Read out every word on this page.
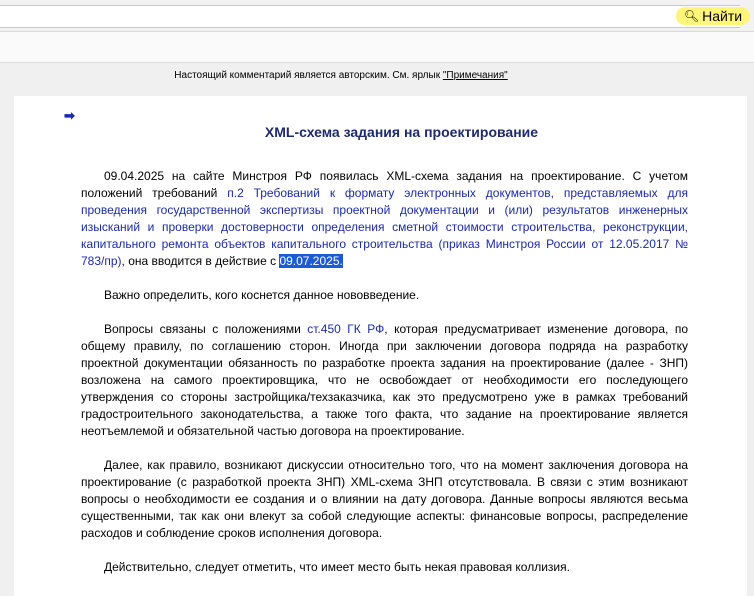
🔍︎ Найти
Настоящий комментарий является авторским. См. ярлык "Примечания"
➡︎
XML-схема задания на проектирование

09.04.2025 на сайте Минстроя РФ появилась XML-схема задания на проектирование. С учетом положений требований п.2 Требований к формату электронных документов, представляемых для проведения государственной экспертизы проектной документации и (или) результатов инженерных изысканий и проверки достоверности определения сметной стоимости строительства, реконструкции, капитального ремонта объектов капитального строительства (приказ Минстроя России от 12.05.2017 № 783/пр), она вводится в действие с 09.07.2025.

Важно определить, кого коснется данное нововведение.

Вопросы связаны с положениями ст.450 ГК РФ, которая предусматривает изменение договора, по общему правилу, по соглашению сторон. Иногда при заключении договора подряда на разработку проектной документации обязанность по разработке проекта задания на проектирование (далее - ЗНП) возложена на самого проектировщика, что не освобождает от необходимости его последующего утверждения со стороны застройщика/техзаказчика, как это предусмотрено уже в рамках требований градостроительного законодательства, а также того факта, что задание на проектирование является неотъемлемой и обязательной частью договора на проектирование.

Далее, как правило, возникают дискуссии относительно того, что на момент заключения договора на проектирование (с разработкой проекта ЗНП) XML-схема ЗНП отсутствовала. В связи с этим возникают вопросы о необходимости ее создания и о влиянии на дату договора. Данные вопросы являются весьма существенными, так как они влекут за собой следующие аспекты: финансовые вопросы, распределение расходов и соблюдение сроков исполнения договора.

Действительно, следует отметить, что имеет место быть некая правовая коллизия.
